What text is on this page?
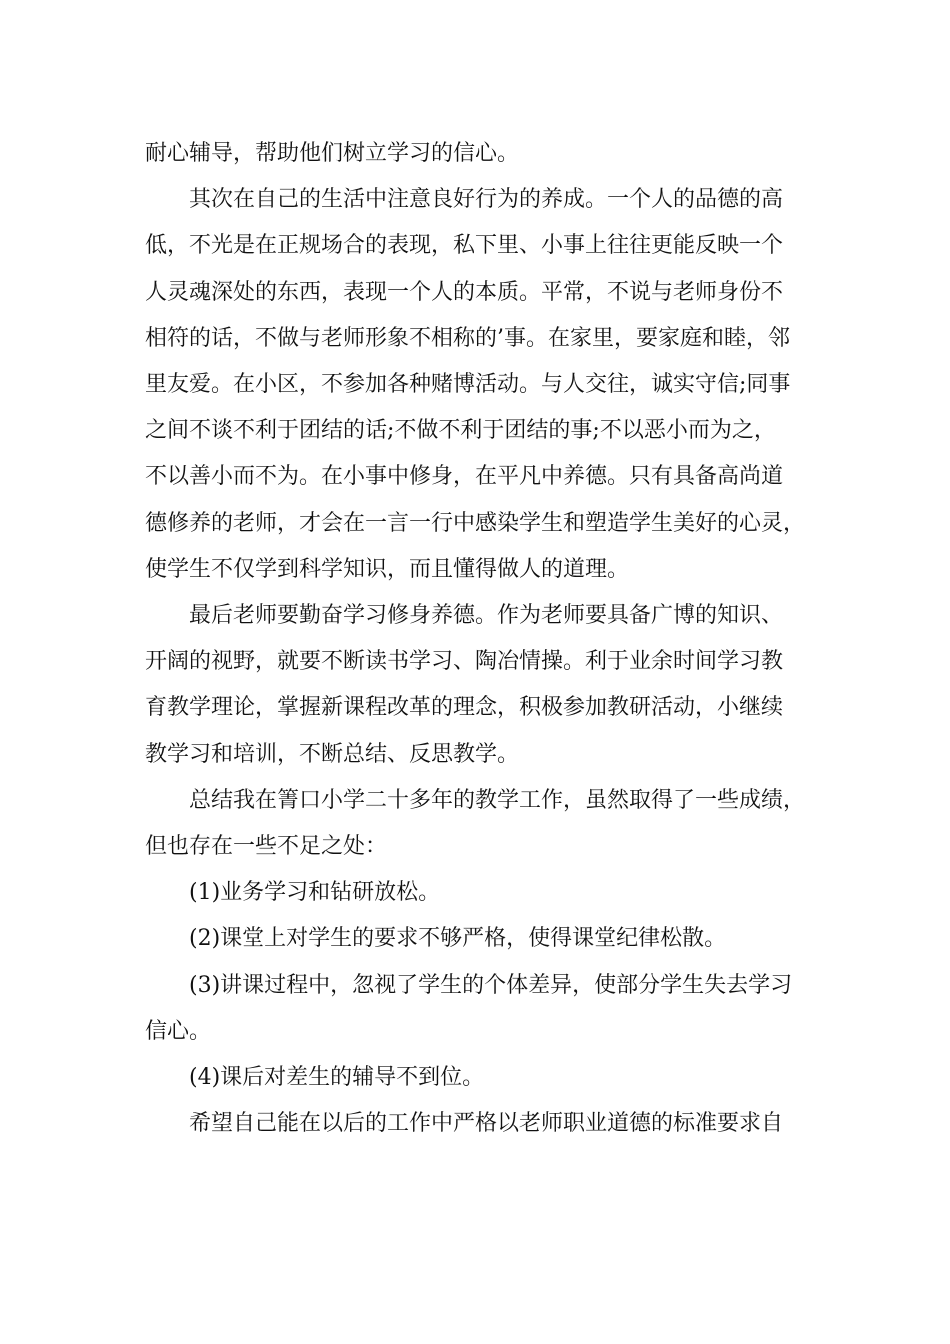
耐心辅导，帮助他们树立学习的信心。
其次在自己的生活中注意良好行为的养成。一个人的品德的高
低，不光是在正规场合的表现，私下里、小事上往往更能反映一个
人灵魂深处的东西，表现一个人的本质。平常，不说与老师身份不
相符的话，不做与老师形象不相称的’事。在家里，要家庭和睦，邻
里友爱。在小区，不参加各种赌博活动。与人交往，诚实守信;同事
之间不谈不利于团结的话;不做不利于团结的事;不以恶小而为之，
不以善小而不为。在小事中修身，在平凡中养德。只有具备高尚道
德修养的老师，才会在一言一行中感染学生和塑造学生美好的心灵，
使学生不仅学到科学知识，而且懂得做人的道理。
最后老师要勤奋学习修身养德。作为老师要具备广博的知识、
开阔的视野，就要不断读书学习、陶冶情操。利于业余时间学习教
育教学理论，掌握新课程改革的理念，积极参加教研活动，小继续
教学习和培训，不断总结、反思教学。
总结我在箐口小学二十多年的教学工作，虽然取得了一些成绩，
但也存在一些不足之处：
(1)业务学习和钻研放松。
(2)课堂上对学生的要求不够严格，使得课堂纪律松散。
(3)讲课过程中，忽视了学生的个体差异，使部分学生失去学习
信心。
(4)课后对差生的辅导不到位。
希望自己能在以后的工作中严格以老师职业道德的标准要求自
